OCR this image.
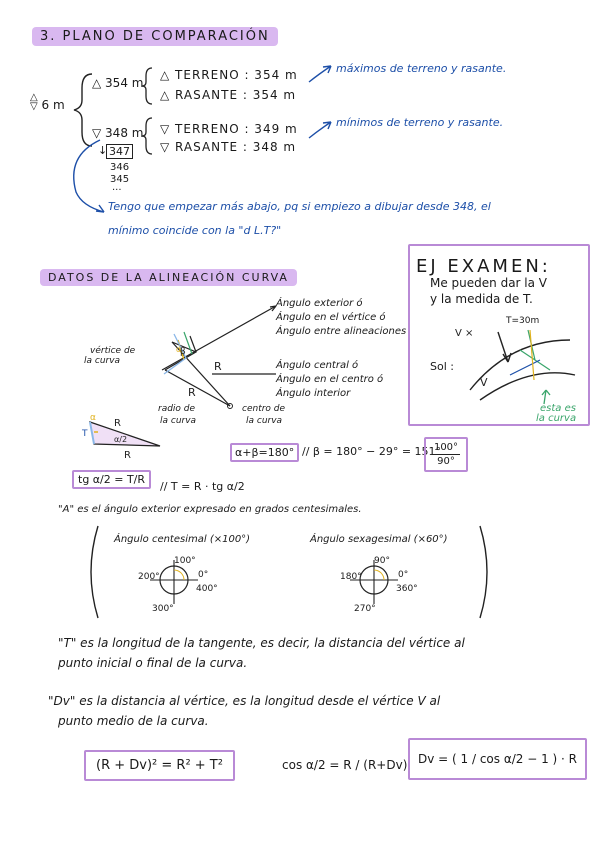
3. PLANO DE COMPARACIÓN
△
▽ 6 m
△ 354 m
△ TERRENO : 354 m
△ RASANTE : 354 m
máximos de terreno y rasante.
▽ 348 m ▽ TERRENO : 349 m
▽ RASANTE : 348 m
mínimos de terreno y rasante.
↓ 347
346
345
...
Tengo que empezar más abajo, pq si empiezo a dibujar desde 348, el
mínimo coincide con la "d L.T?"
EJ EXAMEN:
Me pueden dar la V
y la medida de T.
Sol :
T=30m
V
V ×
esta es
la curva
DATOS DE LA ALINEACIÓN CURVA
Ángulo exterior ó
Ángulo en el vértice ó
Ángulo entre alineaciones
Ángulo central ó
Ángulo en el centro ó
Ángulo interior
vértice de
la curva
radio de
la curva
centro de
la curva
R
R
β
α
R
R
T
α
α/2
α+β=180° // β = 180° − 29° = 151°
100°
90°
tg α/2 = T/R
// T = R · tg α/2
"A" es el ángulo exterior expresado en grados centesimales.
Ángulo centesimal (×100°)	Ángulo sexagesimal (×60°)
100°
0°
200°
400°
300°
90°
0°
180°
360°
270°
"T" es la longitud de la tangente, es decir, la distancia del vértice al
punto inicial o final de la curva.
"Dv" es la distancia al vértice, es la longitud desde el vértice V al
punto medio de la curva.
(R + Dv)² = R² + T²	cos α/2 = R / (R+Dv) Dv = ( 1 / cos α/2 − 1 ) · R
